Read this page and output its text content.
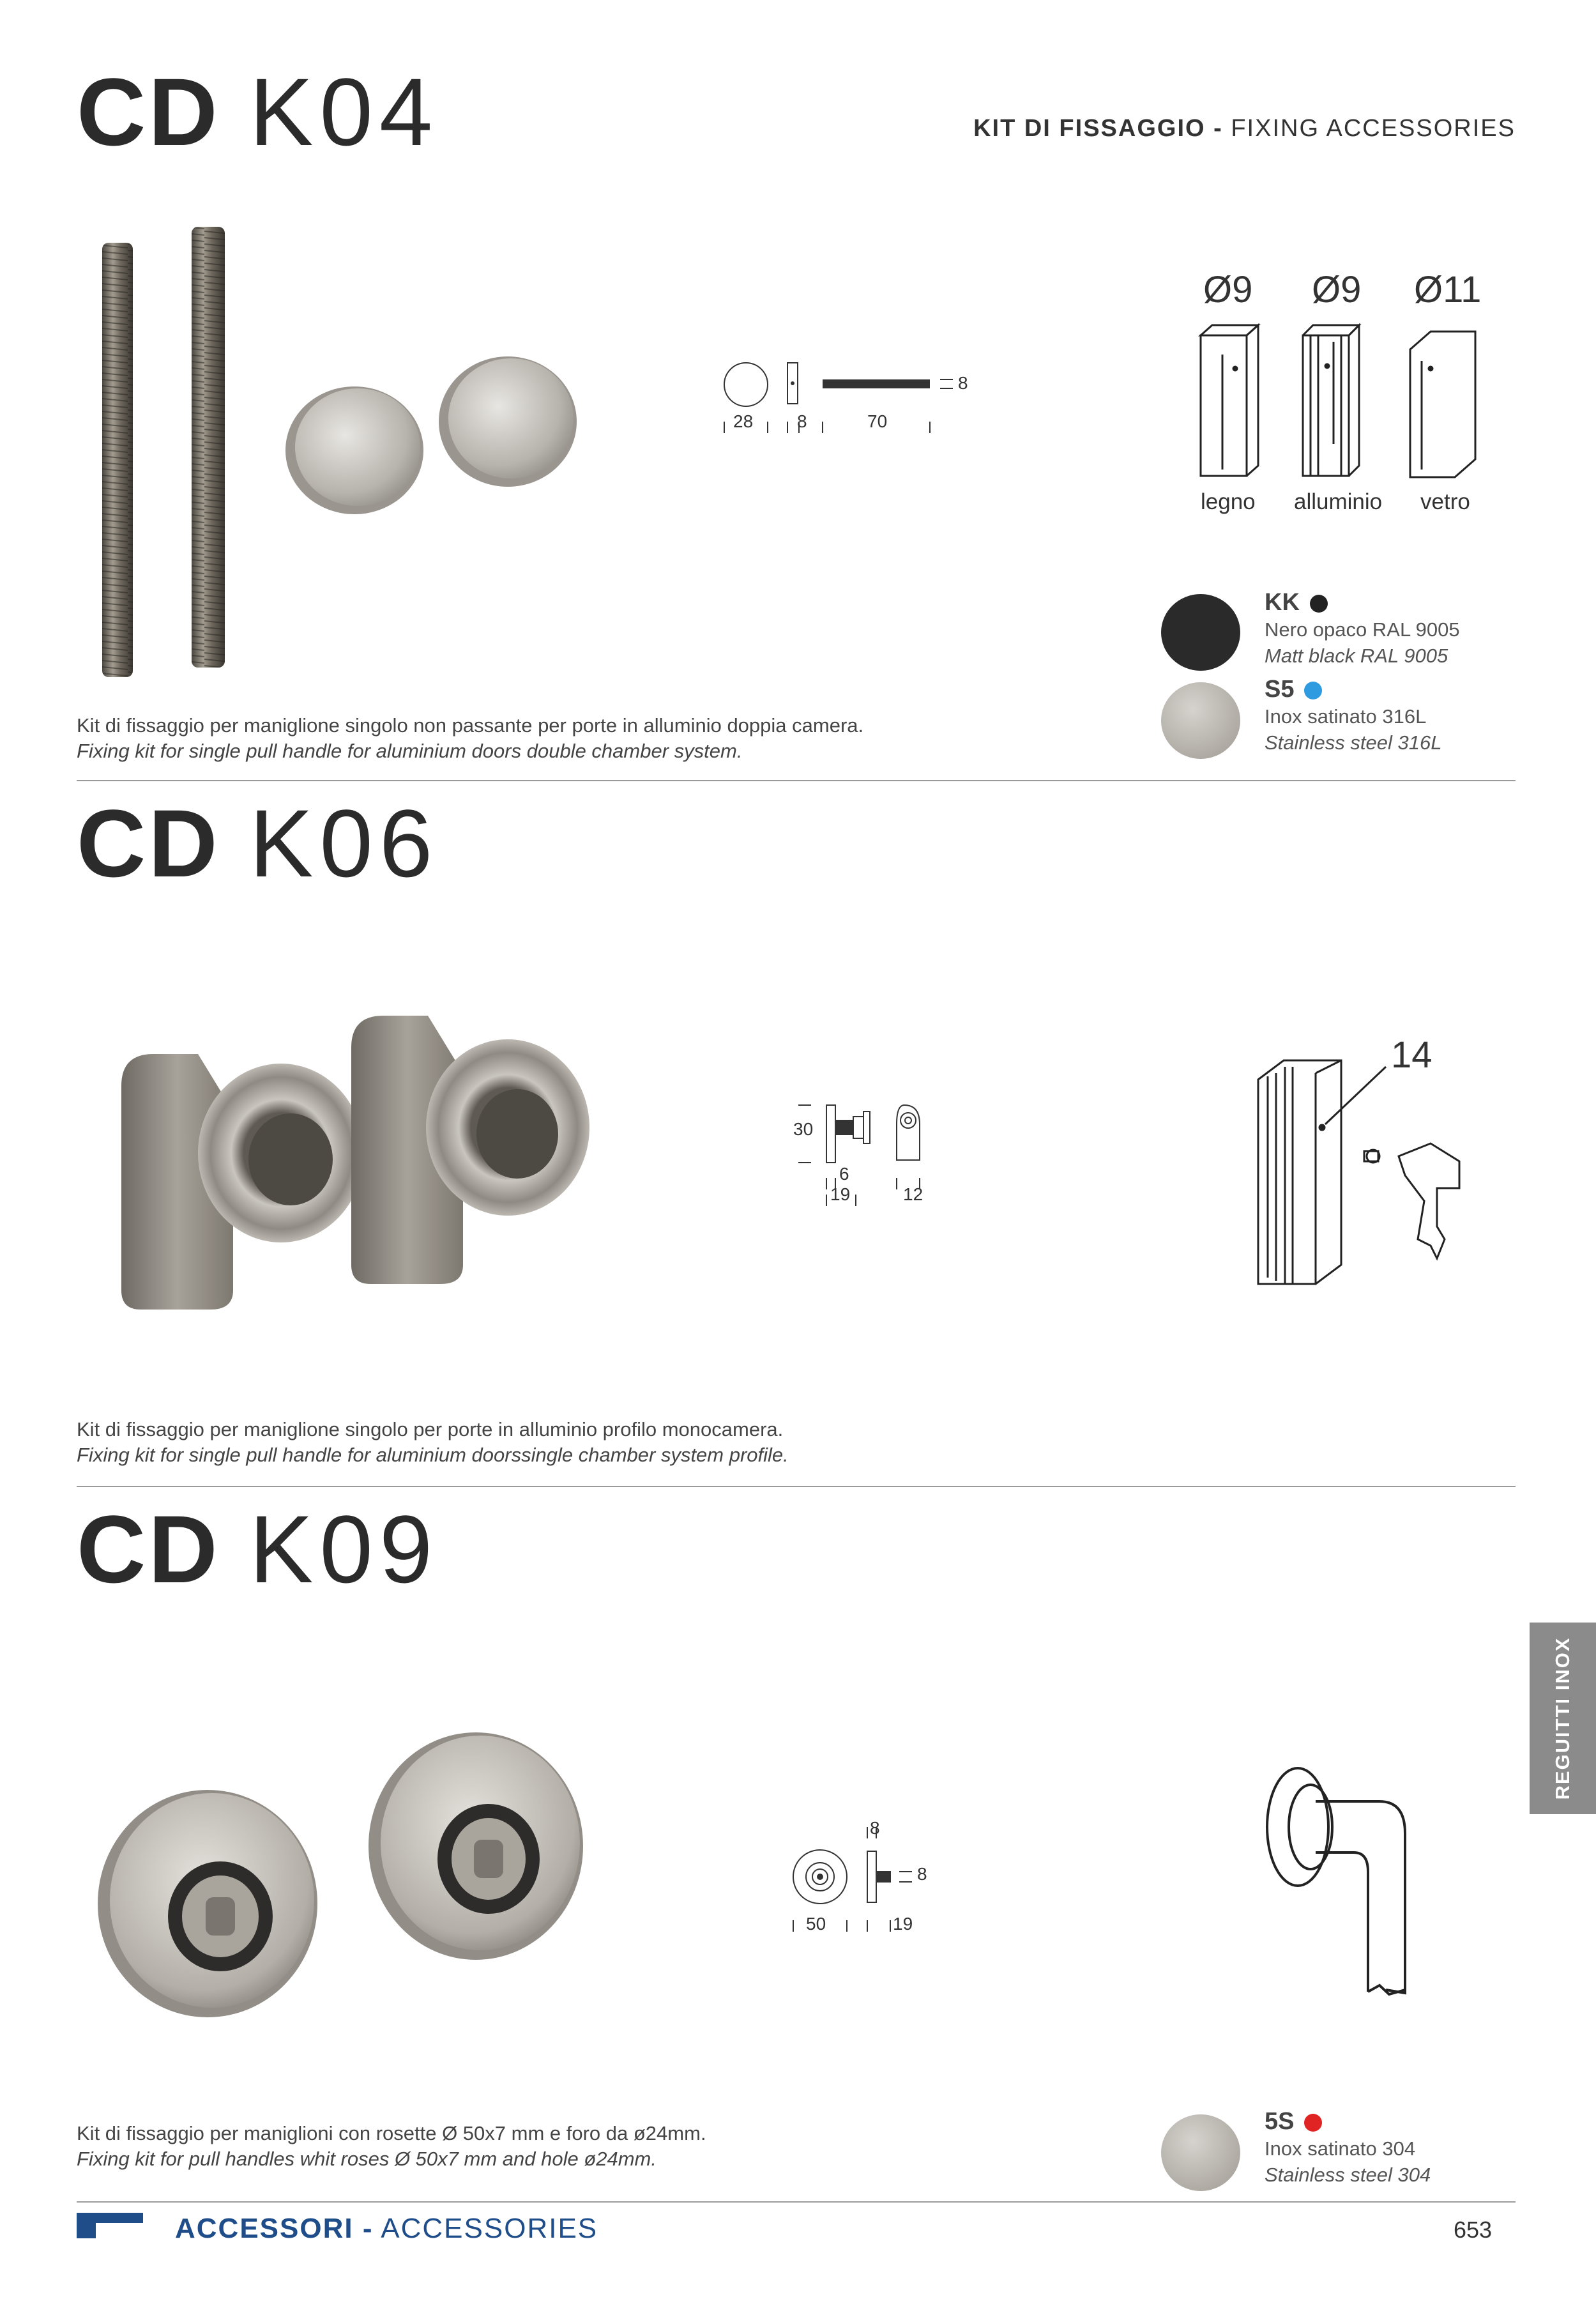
CD K04	KIT DI FISSAGGIO - FIXING ACCESSORIES
28 8	70
8
Ø9 Ø9 Ø11
legno alluminio vetro
KK
Nero opaco RAL 9005
Matt black RAL 9005
S5
Inox satinato 316L
Stainless steel 316L
Kit di fissaggio per maniglione singolo non passante per porte in alluminio doppia camera.
Fixing kit for single pull handle for aluminium doors double chamber system.
CD K06
30
6
19	12
14
Kit di fissaggio per maniglione singolo per porte in alluminio profilo monocamera.
Fixing kit for single pull handle for aluminium doorssingle chamber system profile.
CD K09
8
8
50	19
Kit di fissaggio per maniglioni con rosette Ø 50x7 mm e foro da ø24mm.
Fixing kit for pull handles whit roses Ø 50x7 mm and hole ø24mm.
5S
Inox satinato 304
Stainless steel 304
REGUITTI INOX
ACCESSORI - ACCESSORIES	653
